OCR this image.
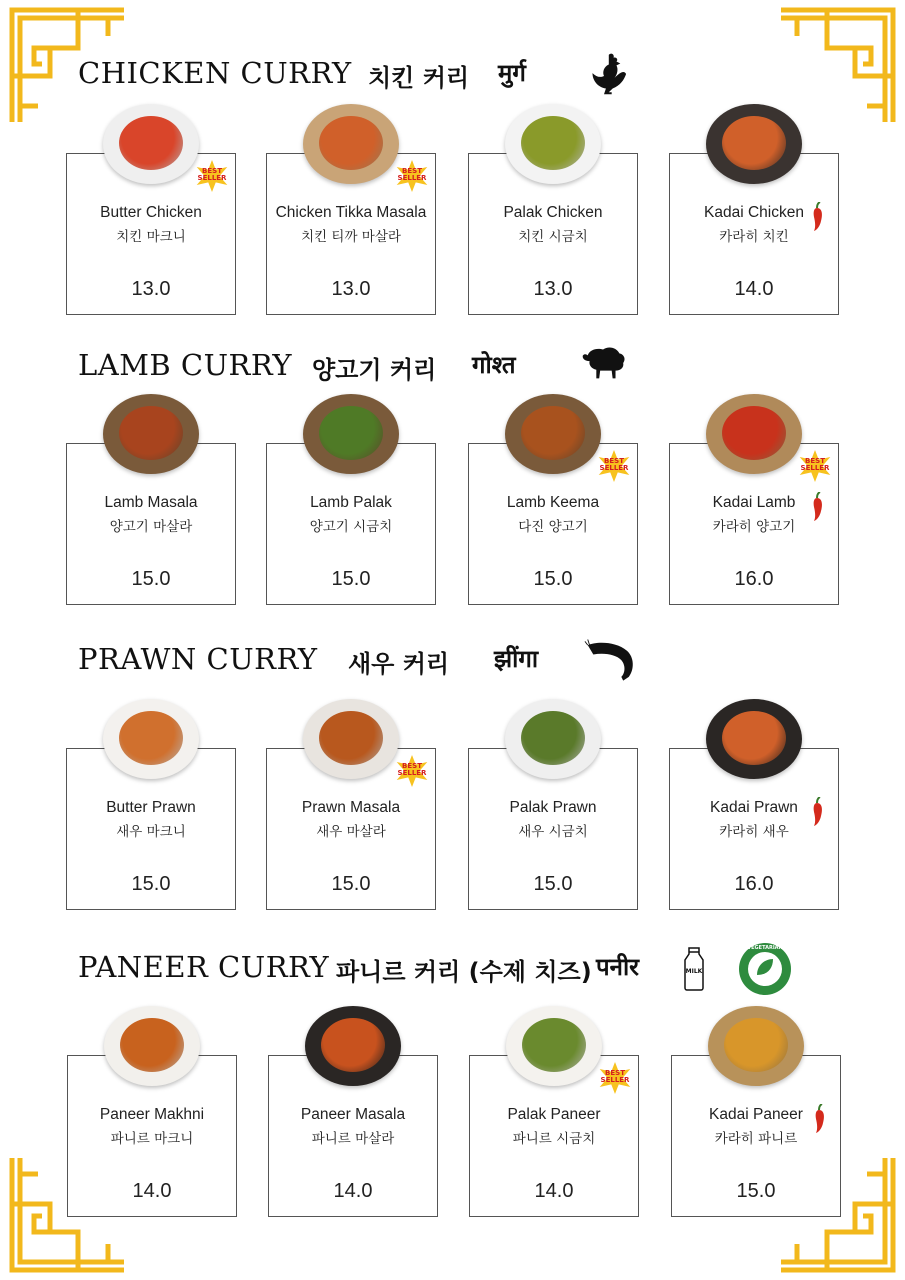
CHICKEN CURRY 치킨 커리 मुर्ग
LAMB CURRY 양고기 커리 गोश्त
PRAWN CURRY 새우 커리 झींगा
PANEER CURRY 파니르 커리 (수제 치즈) पनीर	MILK
VEGETARIAN
Butter Chicken
치킨 마크니
13.0
BEST
SELLER
Chicken Tikka Masala
치킨 티까 마살라
13.0
BEST
SELLER
Palak Chicken
치킨 시금치
13.0
Kadai Chicken
카라히 치킨
14.0
Lamb Masala
양고기 마살라
15.0
Lamb Palak
양고기 시금치
15.0
Lamb Keema
다진 양고기
15.0
BEST
SELLER
Kadai Lamb
카라히 양고기
16.0
BEST
SELLER
Butter Prawn
새우 마크니
15.0
Prawn Masala
새우 마살라
15.0
BEST
SELLER
Palak Prawn
새우 시금치
15.0
Kadai Prawn
카라히 새우
16.0
Paneer Makhni
파니르 마크니
14.0
Paneer Masala
파니르 마살라
14.0
Palak Paneer
파니르 시금치
14.0
BEST
SELLER
Kadai Paneer
카라히 파니르
15.0
